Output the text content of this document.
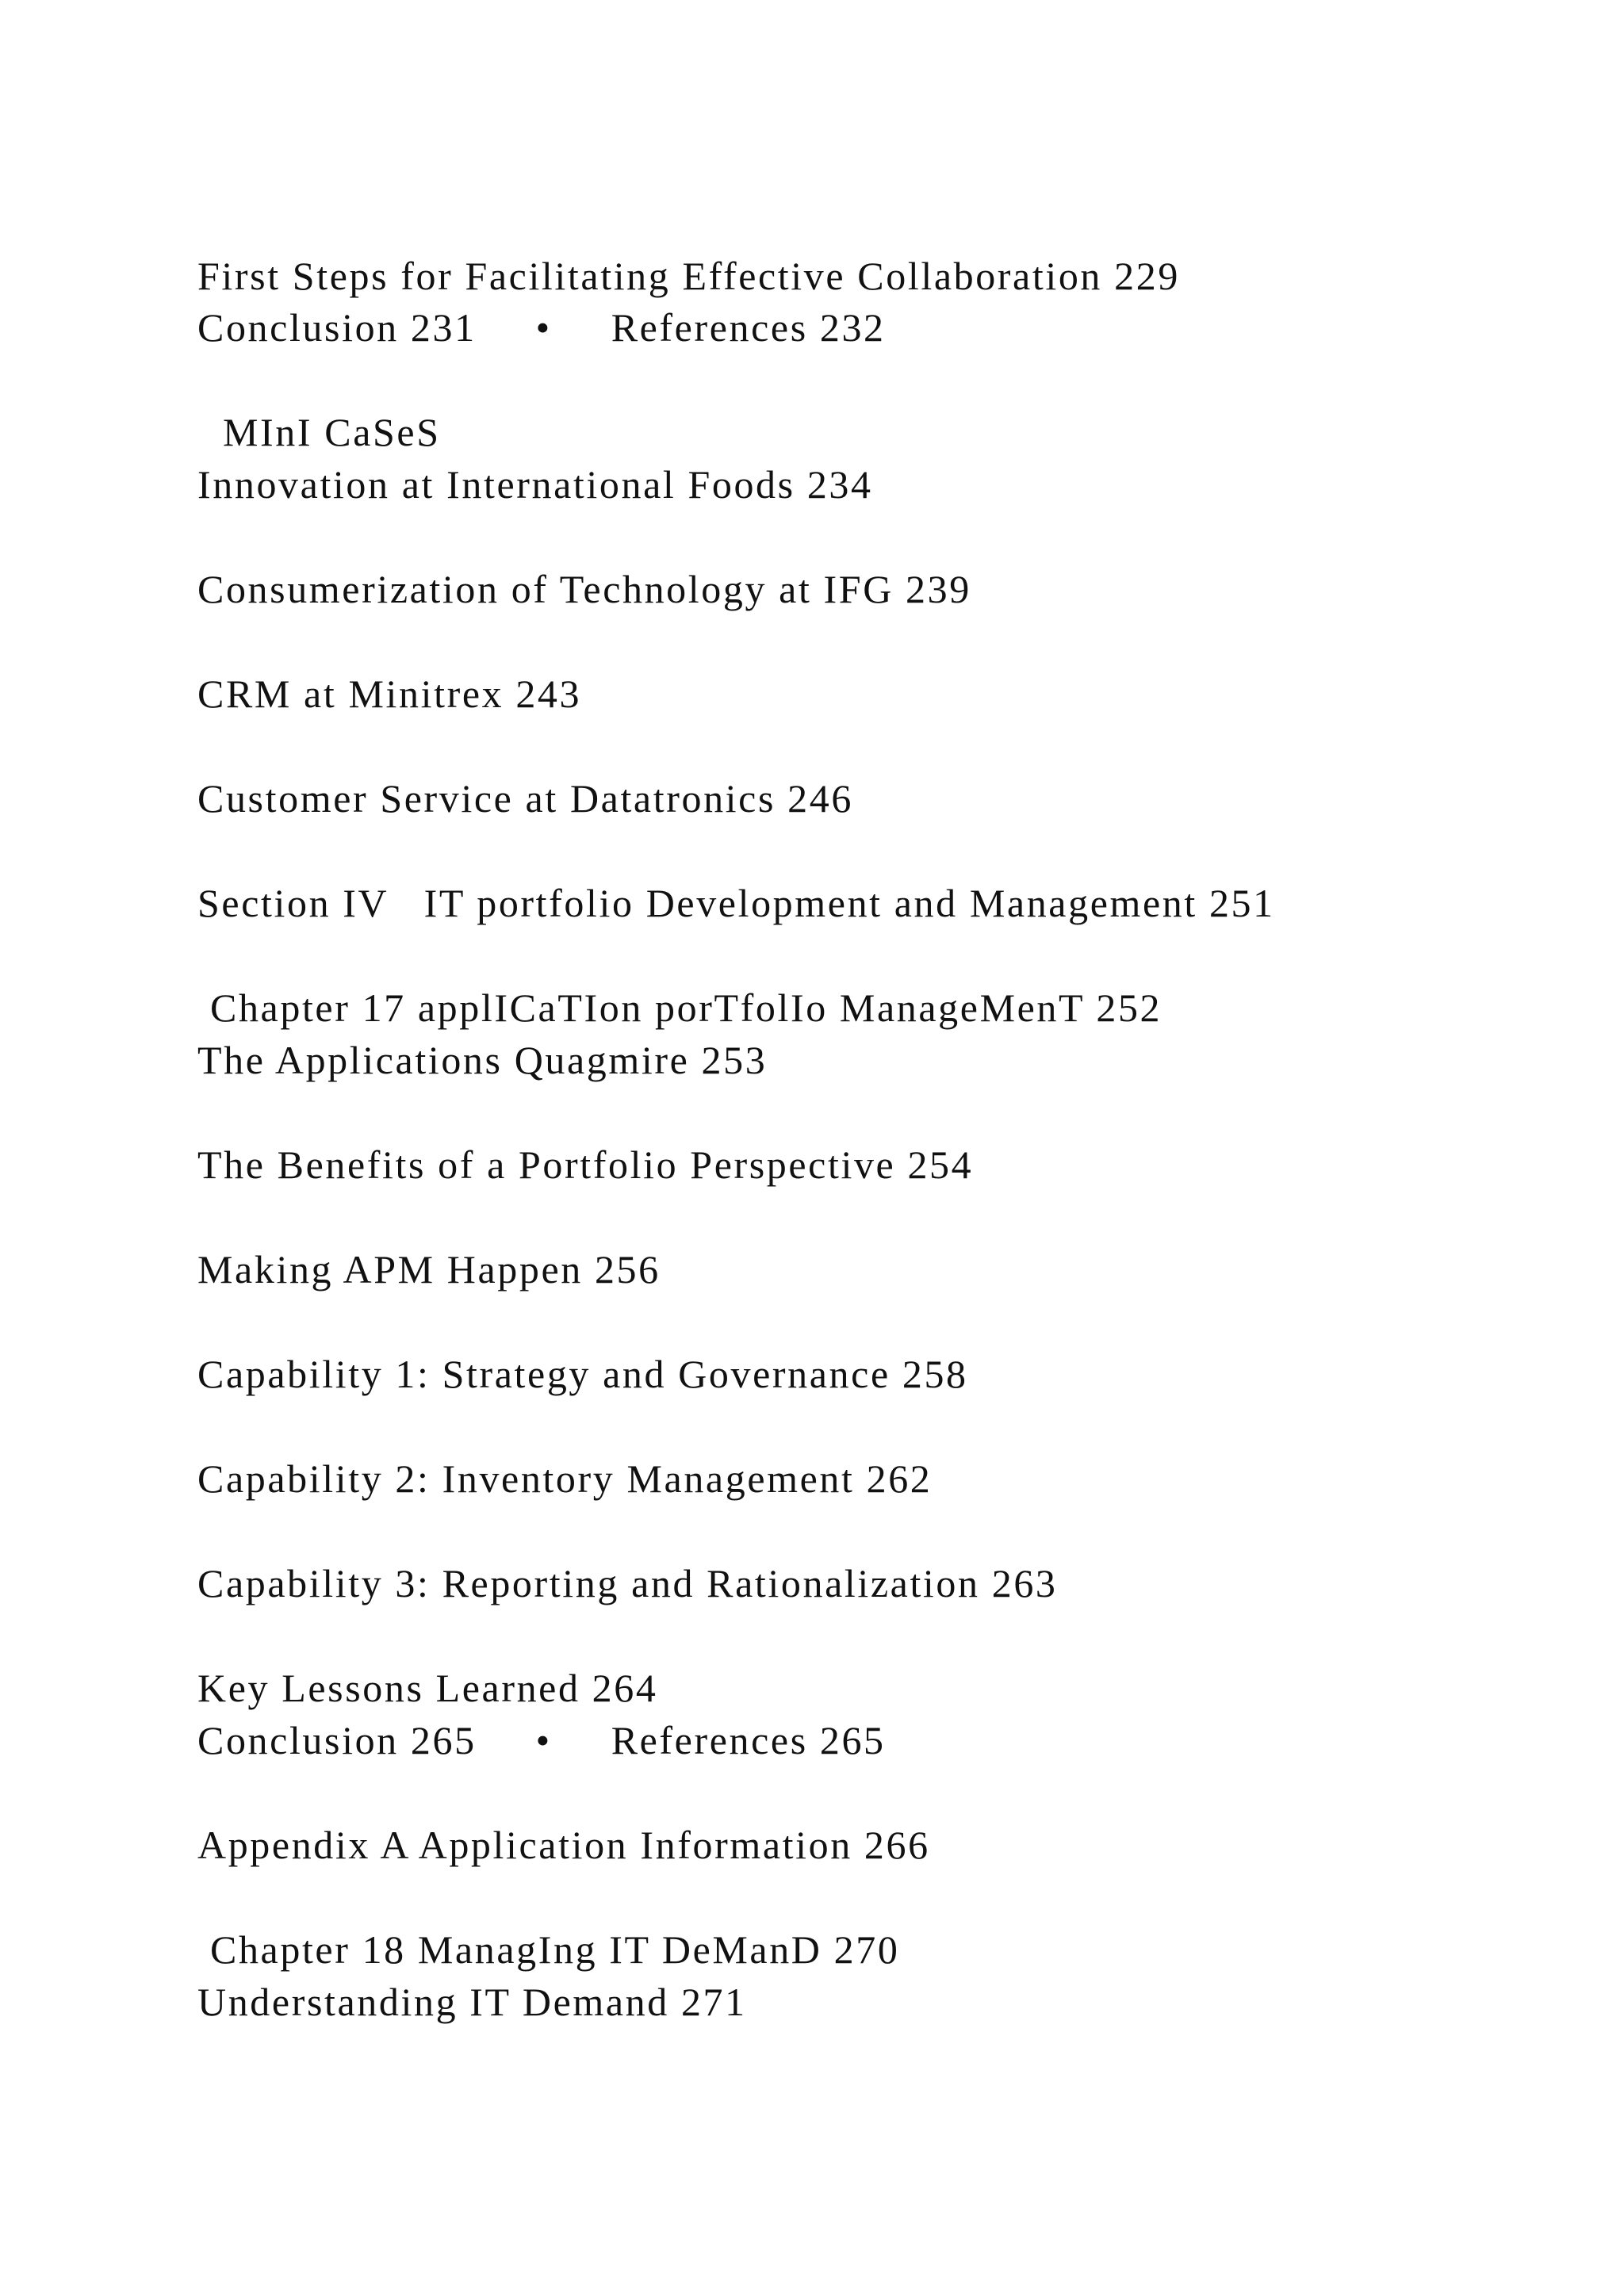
First Steps for Facilitating Effective Collaboration 229

Conclusion 231 • References 232

MInI CaSeS

Innovation at International Foods 234

Consumerization of Technology at IFG 239

CRM at Minitrex 243

Customer Service at Datatronics 246

Section IV   IT portfolio Development and Management 251

Chapter 17 applICaTIon porTfolIo ManageMenT 252

The Applications Quagmire 253

The Benefits of a Portfolio Perspective 254

Making APM Happen 256

Capability 1: Strategy and Governance 258

Capability 2: Inventory Management 262

Capability 3: Reporting and Rationalization 263

Key Lessons Learned 264

Conclusion 265 • References 265

Appendix A Application Information 266

Chapter 18 ManagIng IT DeManD 270

Understanding IT Demand 271
